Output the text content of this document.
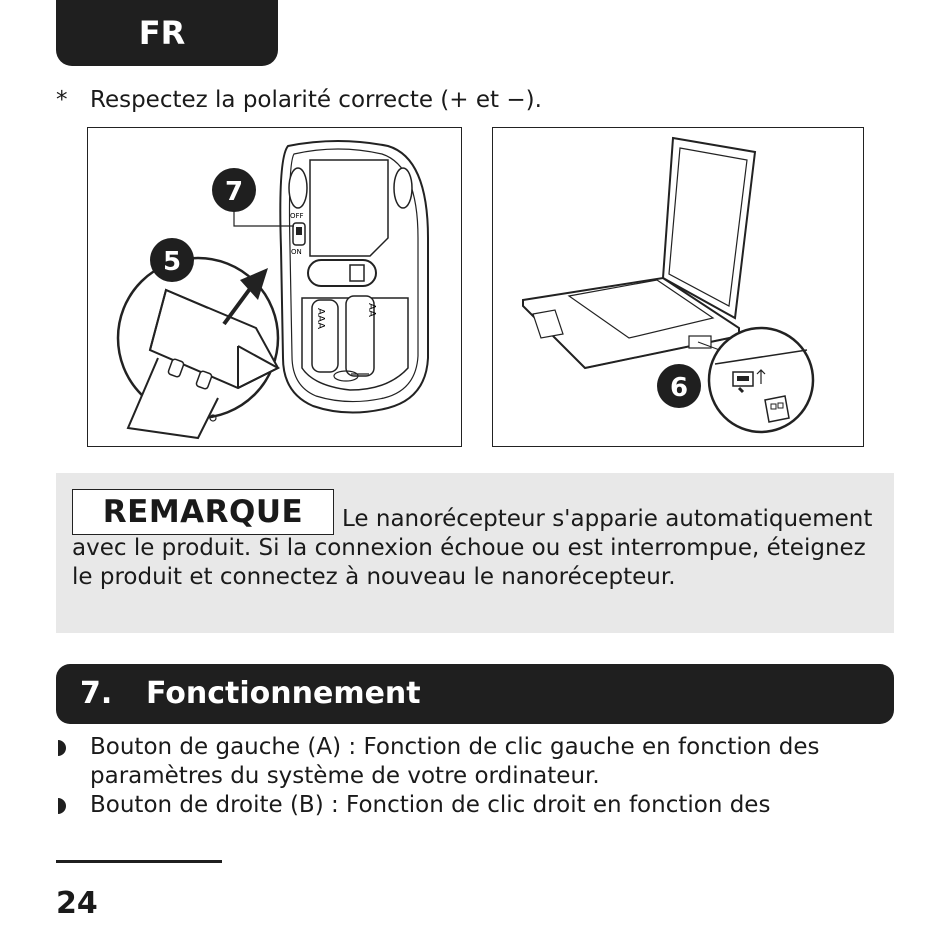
FR
* Respectez la polarité correcte (+ et −).
OFF
ON
AAA	AA
7
5
6
Le nanorécepteur s'apparie automatiquement avec le produit. Si la connexion échoue ou est interrompue, éteignez le produit et connectez à nouveau le nanorécepteur.
REMARQUE
7. Fonctionnement
Bouton de gauche (A) : Fonction de clic gauche en fonction des paramètres du système de votre ordinateur.
Bouton de droite (B) : Fonction de clic droit en fonction des
24
